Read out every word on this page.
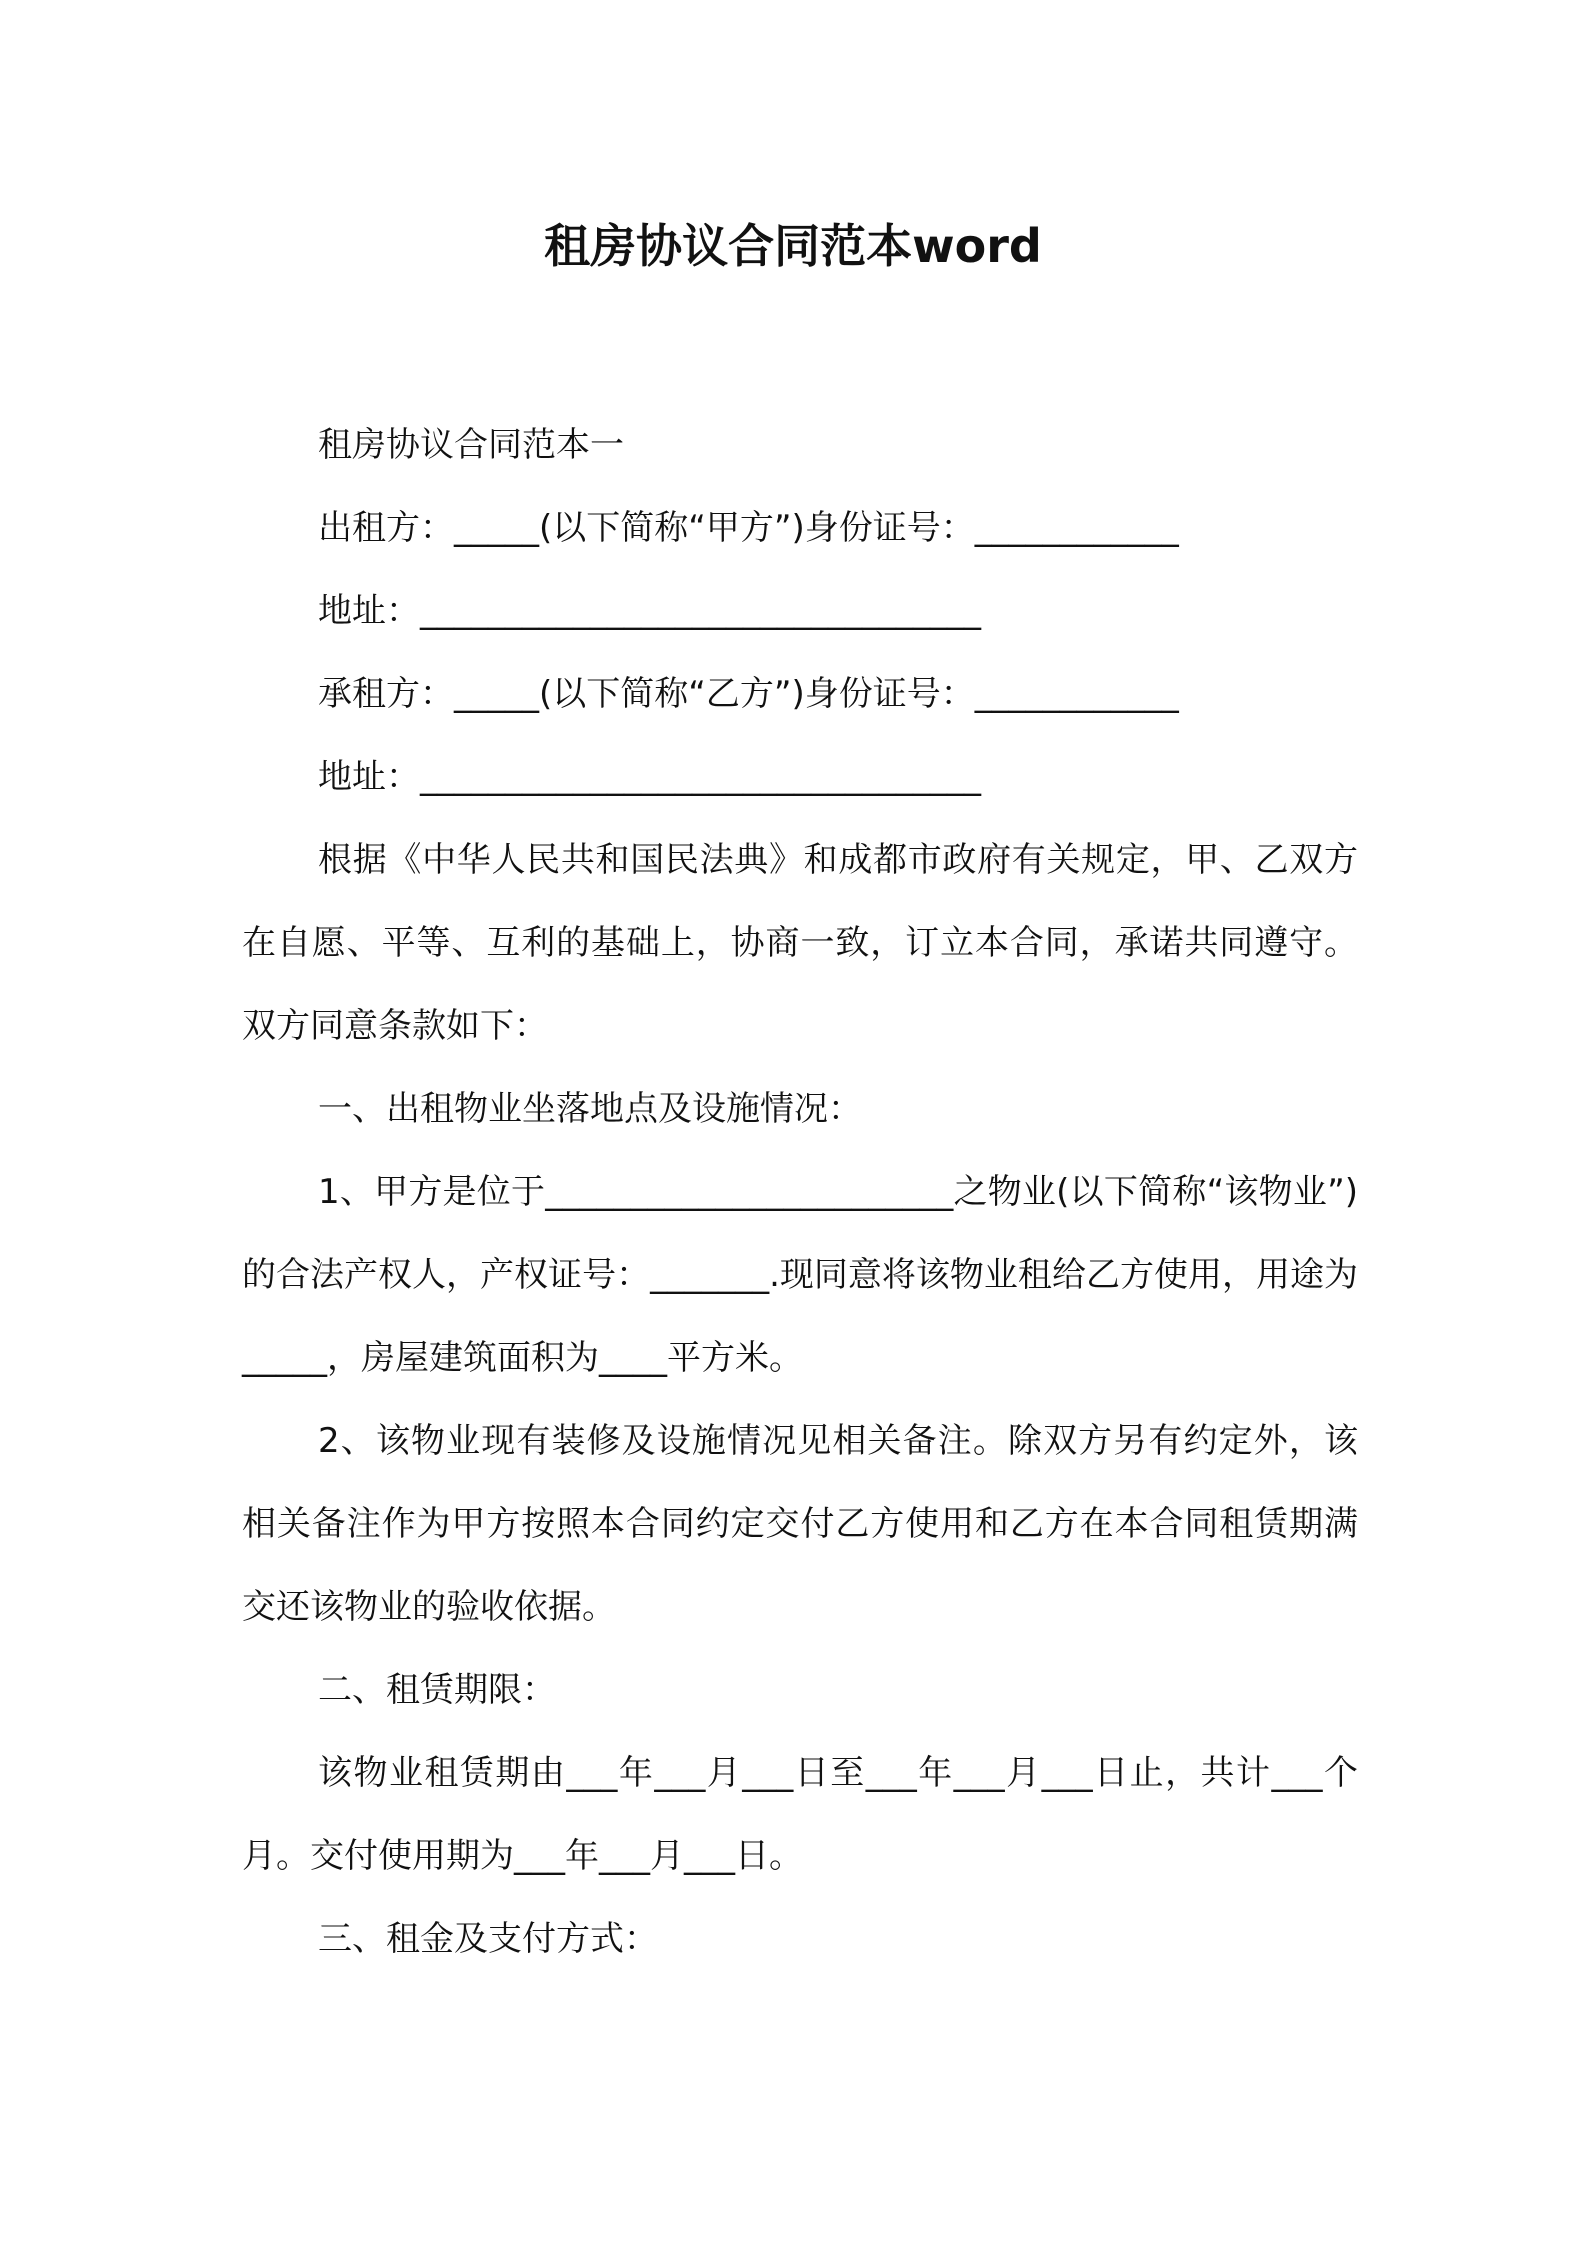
租房协议合同范本word
租房协议合同范本一
出租方：_____(以下简称“甲方”)身份证号：____________
地址：_________________________________
承租方：_____(以下简称“乙方”)身份证号：____________
地址：_________________________________
根据《中华人民共和国民法典》和成都市政府有关规定，甲、乙双方在自愿、平等、互利的基础上，协商一致，订立本合同，承诺共同遵守。双方同意条款如下：
一、出租物业坐落地点及设施情况：
1、甲方是位于________________________之物业(以下简称“该物业”)的合法产权人，产权证号：_______.现同意将该物业租给乙方使用，用途为_____，房屋建筑面积为____平方米。
2、该物业现有装修及设施情况见相关备注。除双方另有约定外，该相关备注作为甲方按照本合同约定交付乙方使用和乙方在本合同租赁期满交还该物业的验收依据。
二、租赁期限：
该物业租赁期由___年___月___日至___年___月___日止，共计___个月。交付使用期为___年___月___日。
三、租金及支付方式：
